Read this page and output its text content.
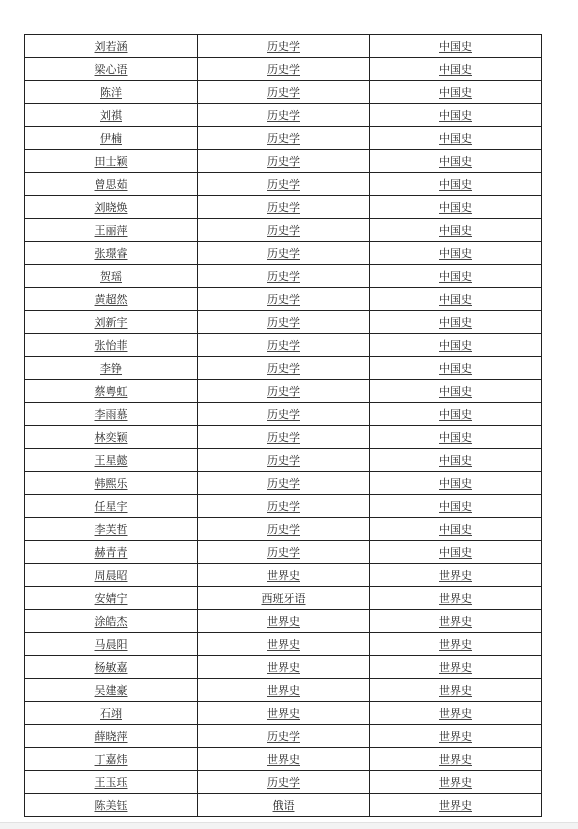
刘若涵	历史学	中国史
梁心语	历史学	中国史
陈洋	历史学	中国史
刘祺	历史学	中国史
伊楠	历史学	中国史
田士颖	历史学	中国史
曾思茹	历史学	中国史
刘晓焕	历史学	中国史
王丽萍	历史学	中国史
张璟睿	历史学	中国史
贺瑶	历史学	中国史
黄超然	历史学	中国史
刘新宇	历史学	中国史
张怡菲	历史学	中国史
李铮	历史学	中国史
蔡粤虹	历史学	中国史
李雨慕	历史学	中国史
林奕颖	历史学	中国史
王星懿	历史学	中国史
韩熙乐	历史学	中国史
任星宇	历史学	中国史
李芙哲	历史学	中国史
赫青青	历史学	中国史
周晨昭	世界史	世界史
安婧宁	西班牙语	世界史
涂皓杰	世界史	世界史
马晨阳	世界史	世界史
杨敏嘉	世界史	世界史
吴建豪	世界史	世界史
石翊	世界史	世界史
薛晓萍	历史学	世界史
丁嘉炜	世界史	世界史
王玉珏	历史学	世界史
陈美钰	俄语	世界史
